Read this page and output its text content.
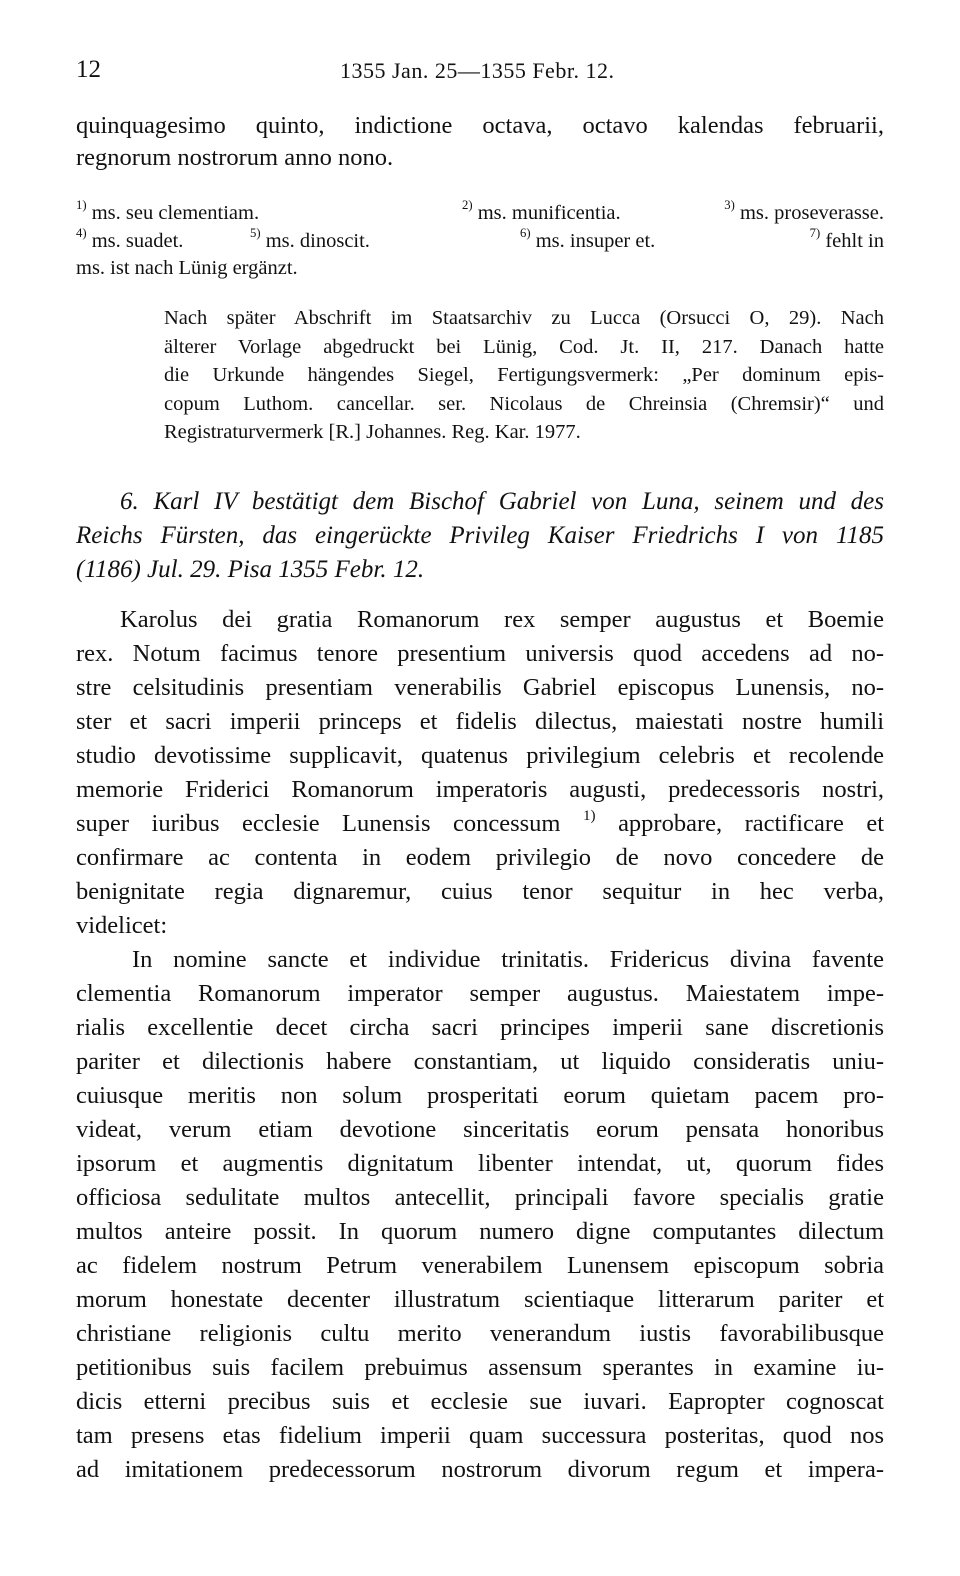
12	1355 Jan. 25—1355 Febr. 12.
quinquagesimo quinto, indictione octava, octavo kalendas februarii,
regnorum nostrorum anno nono.
$^{1)}$ ms. seu clementiam.	$^{2)}$ ms. munificentia.	$^{3)}$ ms. proseverasse.
$^{4)}$ ms. suadet.	$^{5)}$ ms. dinoscit.	$^{6)}$ ms. insuper et.	$^{7)}$ fehlt in
ms. ist nach Lünig ergänzt.
Nach später Abschrift im Staatsarchiv zu Lucca (Orsucci O, 29). Nach
älterer Vorlage abgedruckt bei Lünig, Cod. Jt. II, 217. Danach hatte
die Urkunde hängendes Siegel, Fertigungsvermerk: „Per dominum epis-
copum Luthom. cancellar. ser. Nicolaus de Chreinsia (Chremsir)“ und
Registraturvermerk [R.] Johannes. Reg. Kar. 1977.
6. Karl IV bestätigt dem Bischof Gabriel von Luna, seinem und des
Reichs Fürsten, das eingerückte Privileg Kaiser Friedrichs I von 1185
(1186) Jul. 29. Pisa 1355 Febr. 12.
Karolus dei gratia Romanorum rex semper augustus et Boemie
rex. Notum facimus tenore presentium universis quod accedens ad no-
stre celsitudinis presentiam venerabilis Gabriel episcopus Lunensis, no-
ster et sacri imperii princeps et fidelis dilectus, maiestati nostre humili
studio devotissime supplicavit, quatenus privilegium celebris et recolende
memorie Friderici Romanorum imperatoris augusti, predecessoris nostri,
super iuribus ecclesie Lunensis concessum $^{1)}$ approbare, ractificare et
confirmare ac contenta in eodem privilegio de novo concedere de
benignitate regia dignaremur, cuius tenor sequitur in hec verba,
videlicet:
In nomine sancte et individue trinitatis. Fridericus divina favente
clementia Romanorum imperator semper augustus. Maiestatem impe-
rialis excellentie decet circha sacri principes imperii sane discretionis
pariter et dilectionis habere constantiam, ut liquido consideratis uniu-
cuiusque meritis non solum prosperitati eorum quietam pacem pro-
videat, verum etiam devotione sinceritatis eorum pensata honoribus
ipsorum et augmentis dignitatum libenter intendat, ut, quorum fides
officiosa sedulitate multos antecellit, principali favore specialis gratie
multos anteire possit. In quorum numero digne computantes dilectum
ac fidelem nostrum Petrum venerabilem Lunensem episcopum sobria
morum honestate decenter illustratum scientiaque litterarum pariter et
christiane religionis cultu merito venerandum iustis favorabilibusque
petitionibus suis facilem prebuimus assensum sperantes in examine iu-
dicis etterni precibus suis et ecclesie sue iuvari. Eapropter cognoscat
tam presens etas fidelium imperii quam successura posteritas, quod nos
ad imitationem predecessorum nostrorum divorum regum et impera-
